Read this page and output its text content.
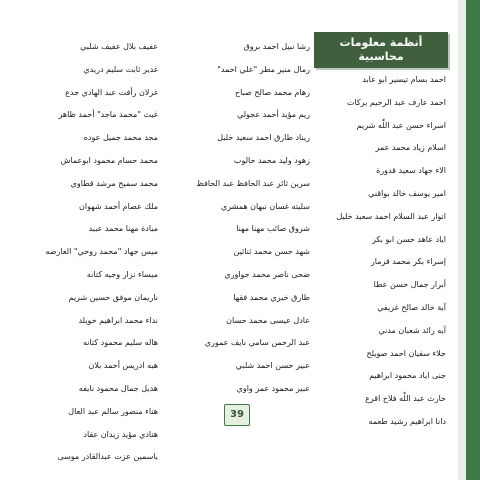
أنظمة معلومات محاسبية
احمد بسام تيسير ابو عابد
احمد عارف عبد الرحيم بركات
اسراء حسن عبد اللّٰه شريم
اسلام زياد محمد عمر
الاء جهاد سعيد قدورة
امير يوسف خالد بواقني
انوار عبد السلام احمد سعيد خليل
اياد عاهد حسن ابو بكر
إسراء بكر محمد قزمار
أبرار جمال حسن عطا
آية خالد صالح غريفي
آيه رائد شعبان مدني
جلاء سفيان احمد صويلح
جنى اياد محمود ابراهيم
حارث عبد اللّٰه فلاح اقرع
دانا ابراهيم رشيد طعمه
رشا نبيل احمد بروق
رمال منير مطر "علي احمد"
رهام محمد صالح صباح
ريم مؤيد أحمد عجولي
ريناد طارق احمد سعيد خليل
زهود وليد محمد حالوب
سرين ثائر عبد الحافظ عبد الحافظ
سليته غسان نبهان همشري
شروق صائب مهنا مهنا
شهد حسن محمد ثنائين
ضحى ناصر محمد جواوري
طارق خيري محمد فقها
عادل عيسى محمد حسان
عبد الرحمن سامي نايف عموري
عبير حسن احمد شلبي
عبير محمود عمر واوي
عفيف بلال عفيف شلبي
غدير ثابت سليم دريدي
غزلان رأفت عبد الهادي جدع
غيث "محمد ماجد" أحمد ظاهر
مجد محمد جميل عوده
محمد حسام محمود ابوعماش
محمد سميح مرشد قطاوي
ملك عصام أحمد شهوان
ميادة مهنا محمد عبيد
ميس جهاد "محمد روحي" العارضه
ميساء نزار وجيه كتانه
ناريمان موفق حسين شريم
نداء محمد ابراهيم خويلد
هاله سليم محمود كتانه
هبه ادريس أحمد بلان
هديل جمال محمود نايفه
هناء منصور سالم عبد العال
هنادي مؤيد زيدان عقاد
ياسمين عزت عبدالقادر موسى
39
